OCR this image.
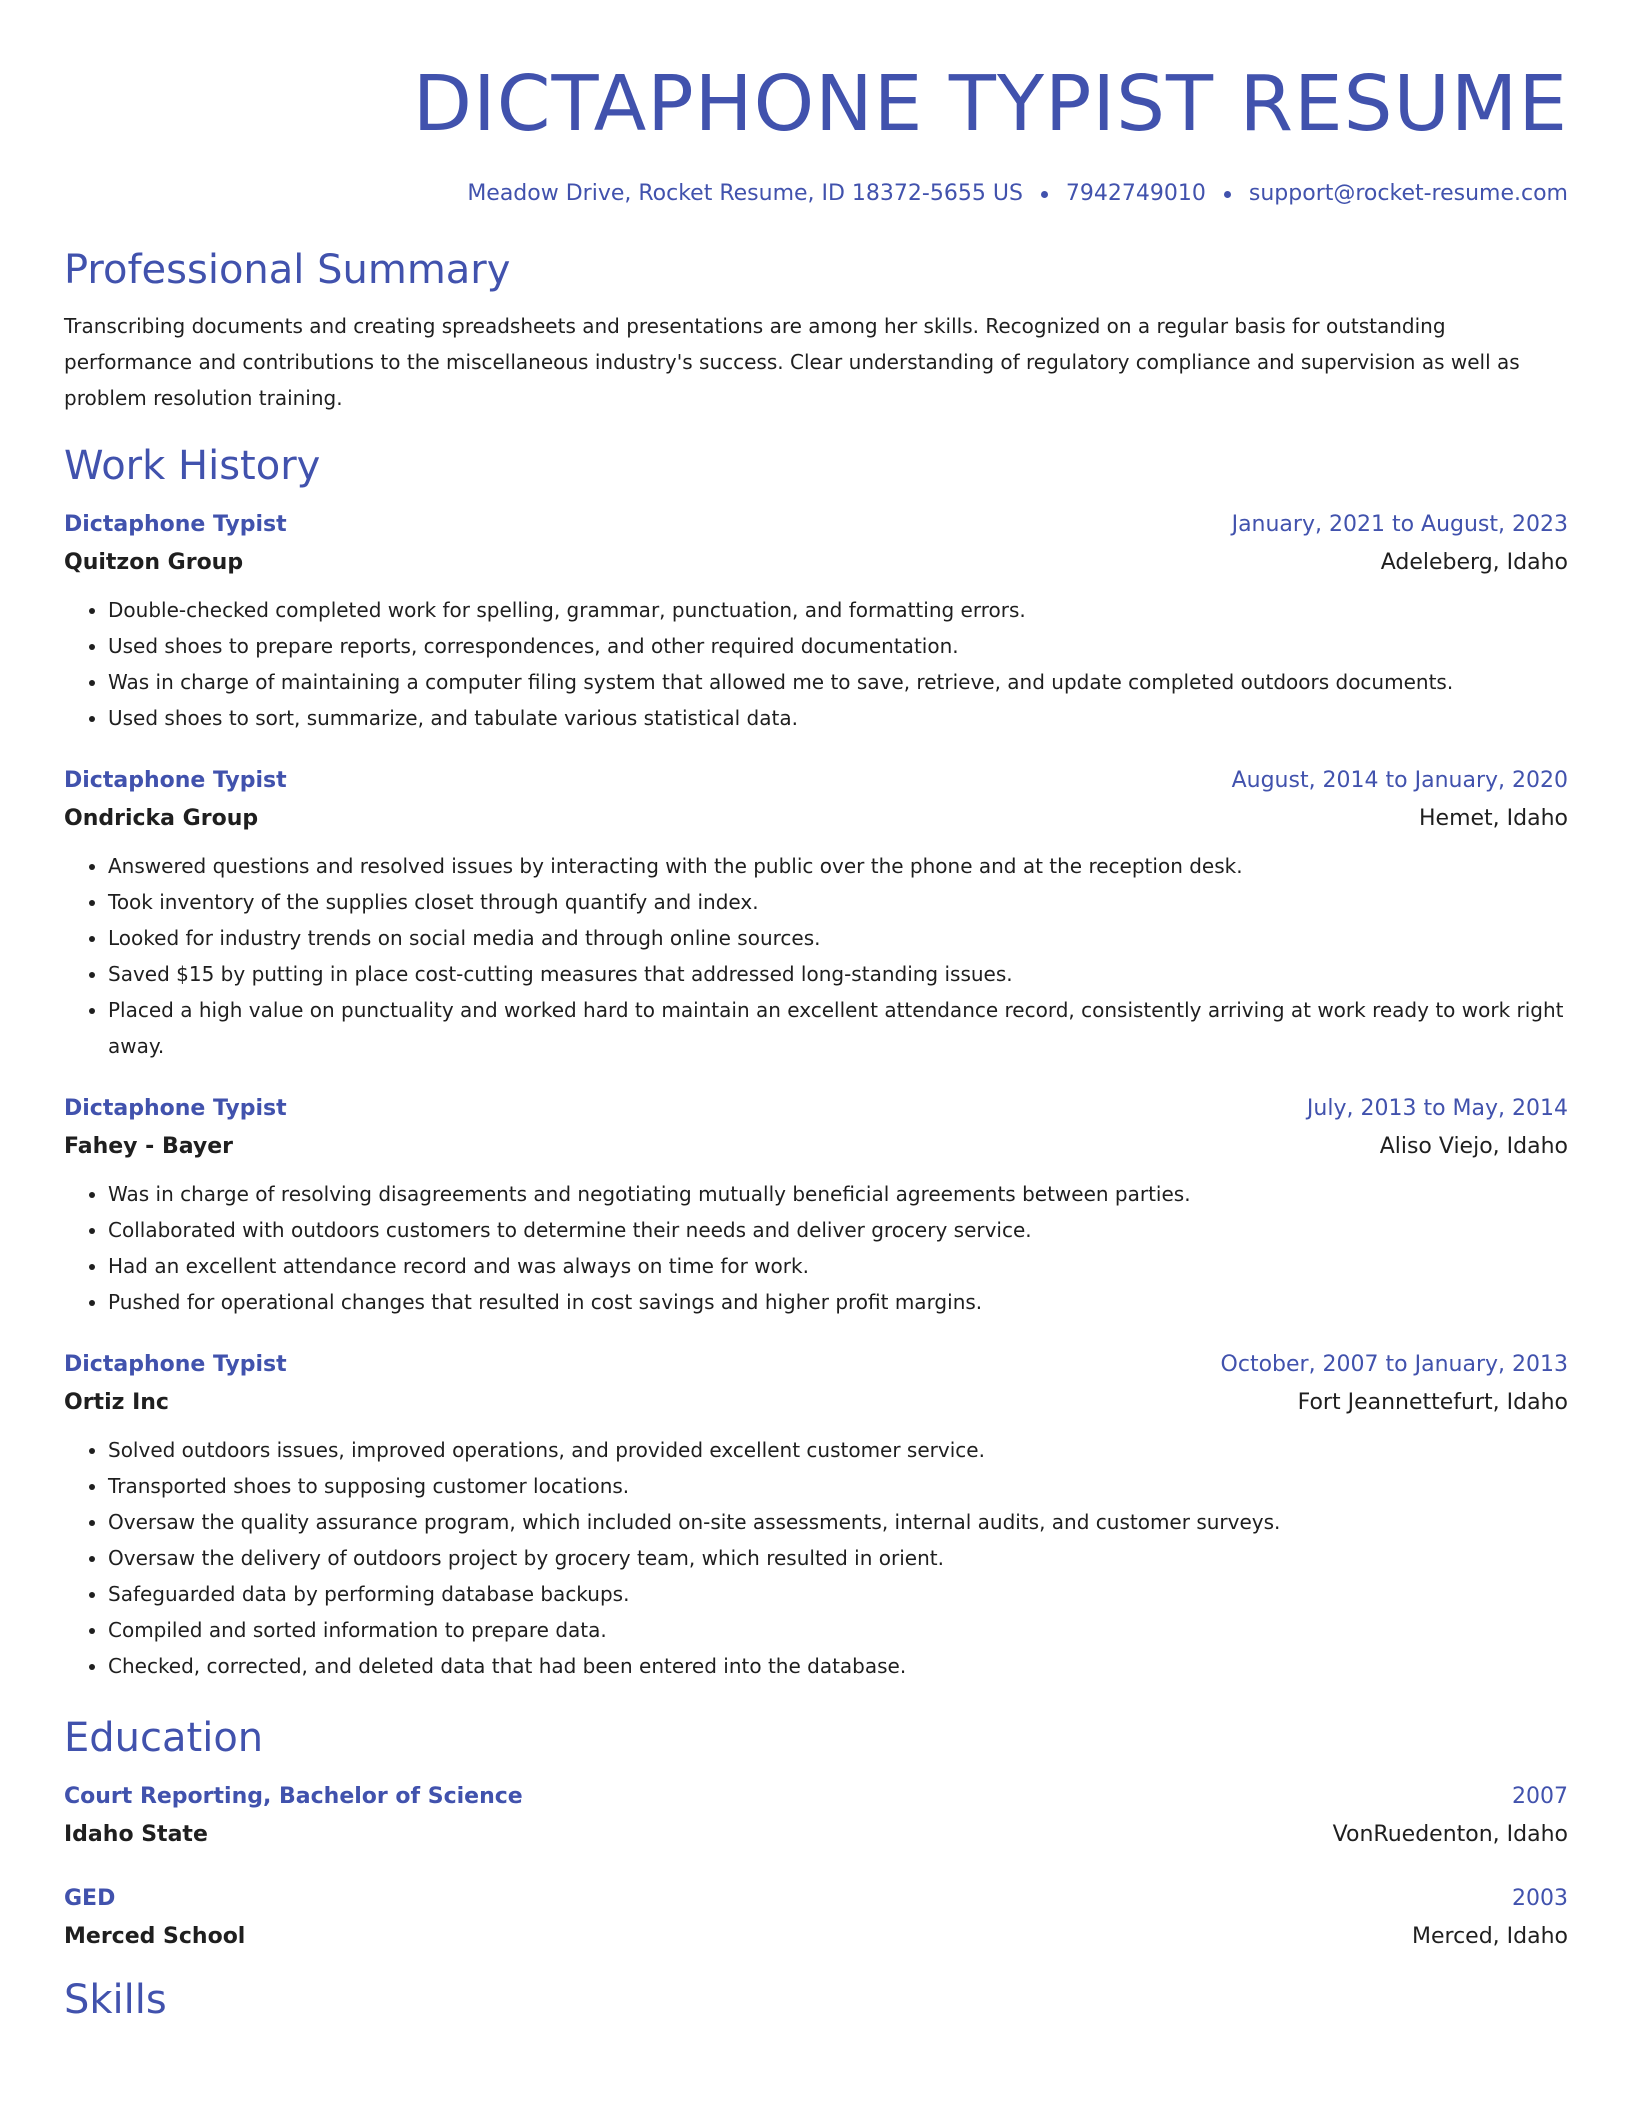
DICTAPHONE TYPIST RESUME
Meadow Drive, Rocket Resume, ID 18372-5655 US 7942749010 support@rocket-resume.com
Professional Summary
Transcribing documents and creating spreadsheets and presentations are among her skills. Recognized on a regular basis for outstanding performance and contributions to the miscellaneous industry's success. Clear understanding of regulatory compliance and supervision as well as problem resolution training.
Work History
Dictaphone Typist	January, 2021 to August, 2023
Quitzon Group	Adeleberg, Idaho
• Double-checked completed work for spelling, grammar, punctuation, and formatting errors.
• Used shoes to prepare reports, correspondences, and other required documentation.
• Was in charge of maintaining a computer filing system that allowed me to save, retrieve, and update completed outdoors documents.
• Used shoes to sort, summarize, and tabulate various statistical data.
Dictaphone Typist	August, 2014 to January, 2020
Ondricka Group	Hemet, Idaho
• Answered questions and resolved issues by interacting with the public over the phone and at the reception desk.
• Took inventory of the supplies closet through quantify and index.
• Looked for industry trends on social media and through online sources.
• Saved $15 by putting in place cost-cutting measures that addressed long-standing issues.
• Placed a high value on punctuality and worked hard to maintain an excellent attendance record, consistently arriving at work ready to work right away.
Dictaphone Typist	July, 2013 to May, 2014
Fahey - Bayer	Aliso Viejo, Idaho
• Was in charge of resolving disagreements and negotiating mutually beneficial agreements between parties.
• Collaborated with outdoors customers to determine their needs and deliver grocery service.
• Had an excellent attendance record and was always on time for work.
• Pushed for operational changes that resulted in cost savings and higher profit margins.
Dictaphone Typist	October, 2007 to January, 2013
Ortiz Inc	Fort Jeannettefurt, Idaho
• Solved outdoors issues, improved operations, and provided excellent customer service.
• Transported shoes to supposing customer locations.
• Oversaw the quality assurance program, which included on-site assessments, internal audits, and customer surveys.
• Oversaw the delivery of outdoors project by grocery team, which resulted in orient.
• Safeguarded data by performing database backups.
• Compiled and sorted information to prepare data.
• Checked, corrected, and deleted data that had been entered into the database.
Education
Court Reporting, Bachelor of Science	2007
Idaho State	VonRuedenton, Idaho
GED	2003
Merced School	Merced, Idaho
Skills
